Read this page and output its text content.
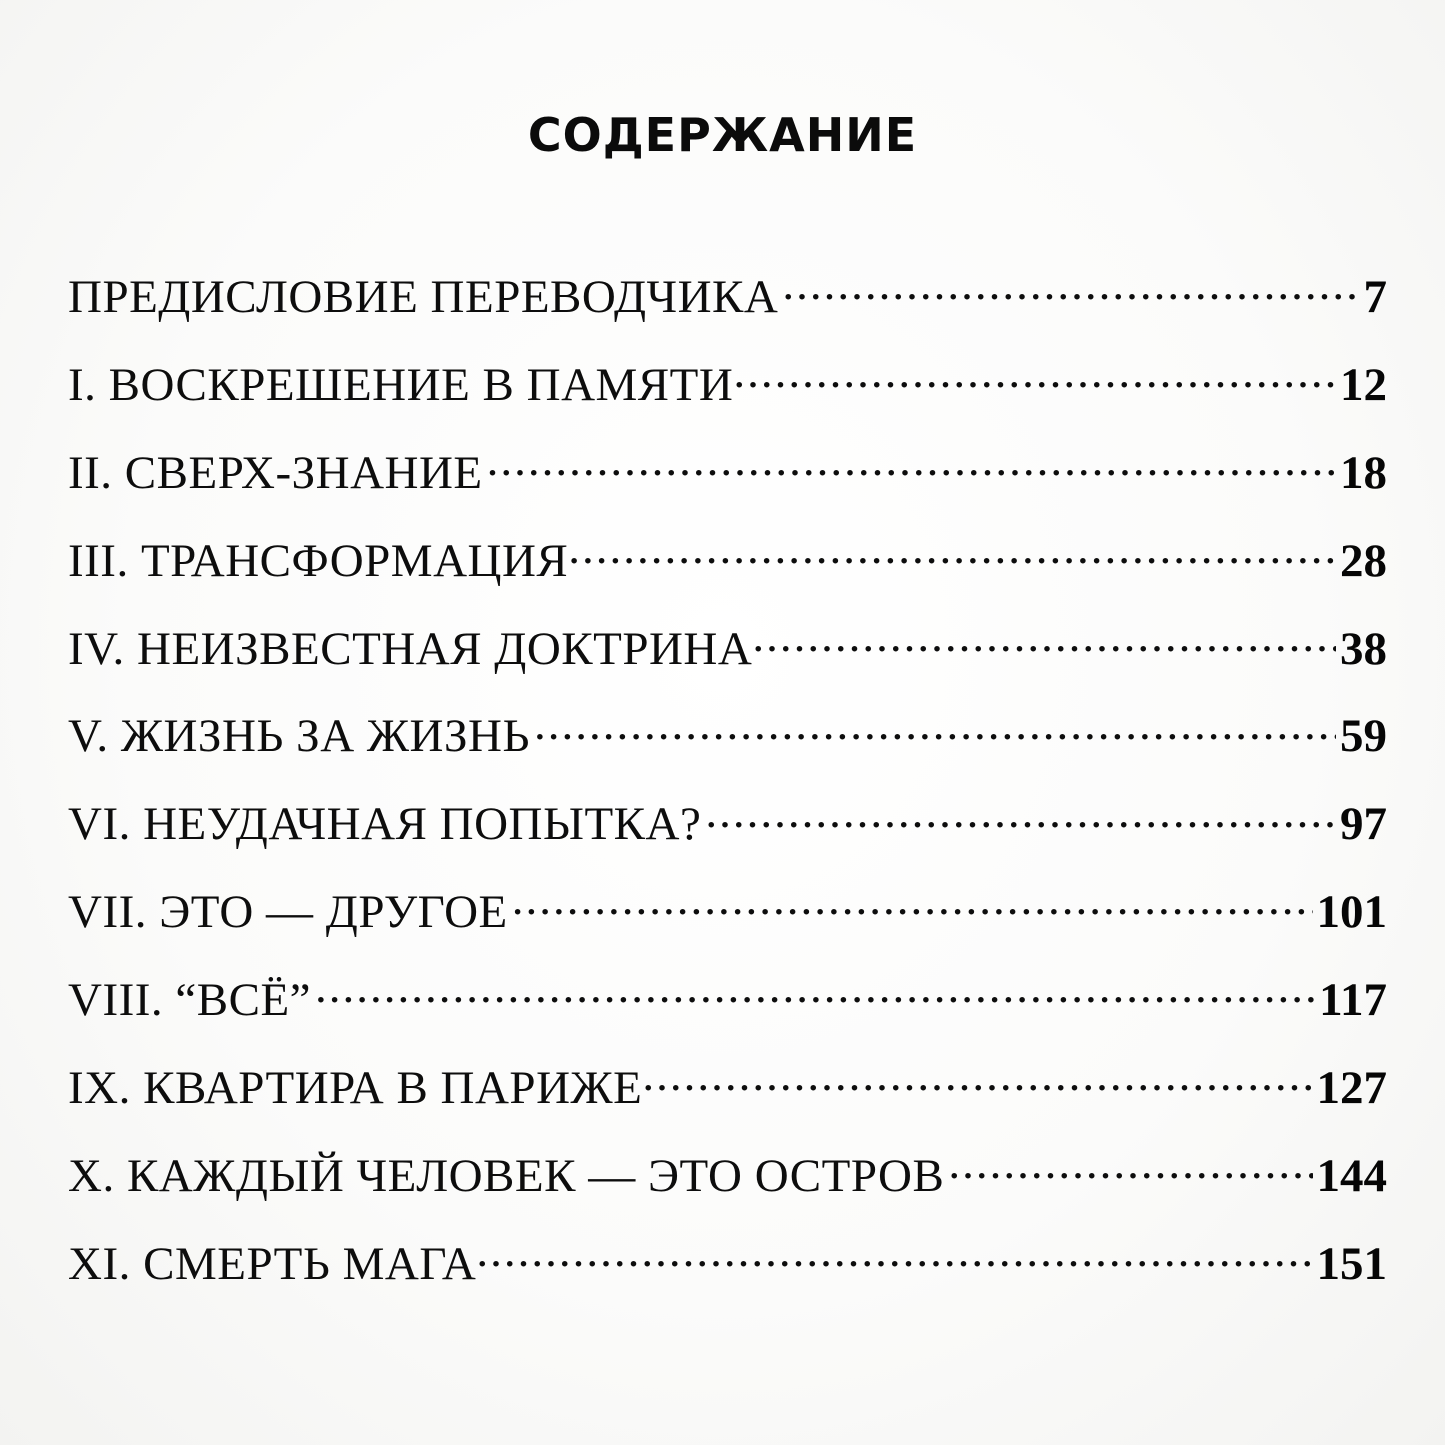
СОДЕРЖАНИЕ
ПРЕДИСЛОВИЕ ПЕРЕВОДЧИКА .....	7
I. ВОСКРЕШЕНИЕ В ПАМЯТИ .....	12
II. СВЕРХ-ЗНАНИЕ .....	18
III. ТРАНСФОРМАЦИЯ .....	28
IV. НЕИЗВЕСТНАЯ ДОКТРИНА .....	38
V. ЖИЗНЬ ЗА ЖИЗНЬ .....	59
VI. НЕУДАЧНАЯ ПОПЫТКА? .....	97
VII. ЭТО — ДРУГОЕ .....	101
VIII. “ВСЁ” .....	117
IX. КВАРТИРА В ПАРИЖЕ .....	127
X. КАЖДЫЙ ЧЕЛОВЕК — ЭТО ОСТРОВ .....	144
XI. СМЕРТЬ МАГА .....	151
